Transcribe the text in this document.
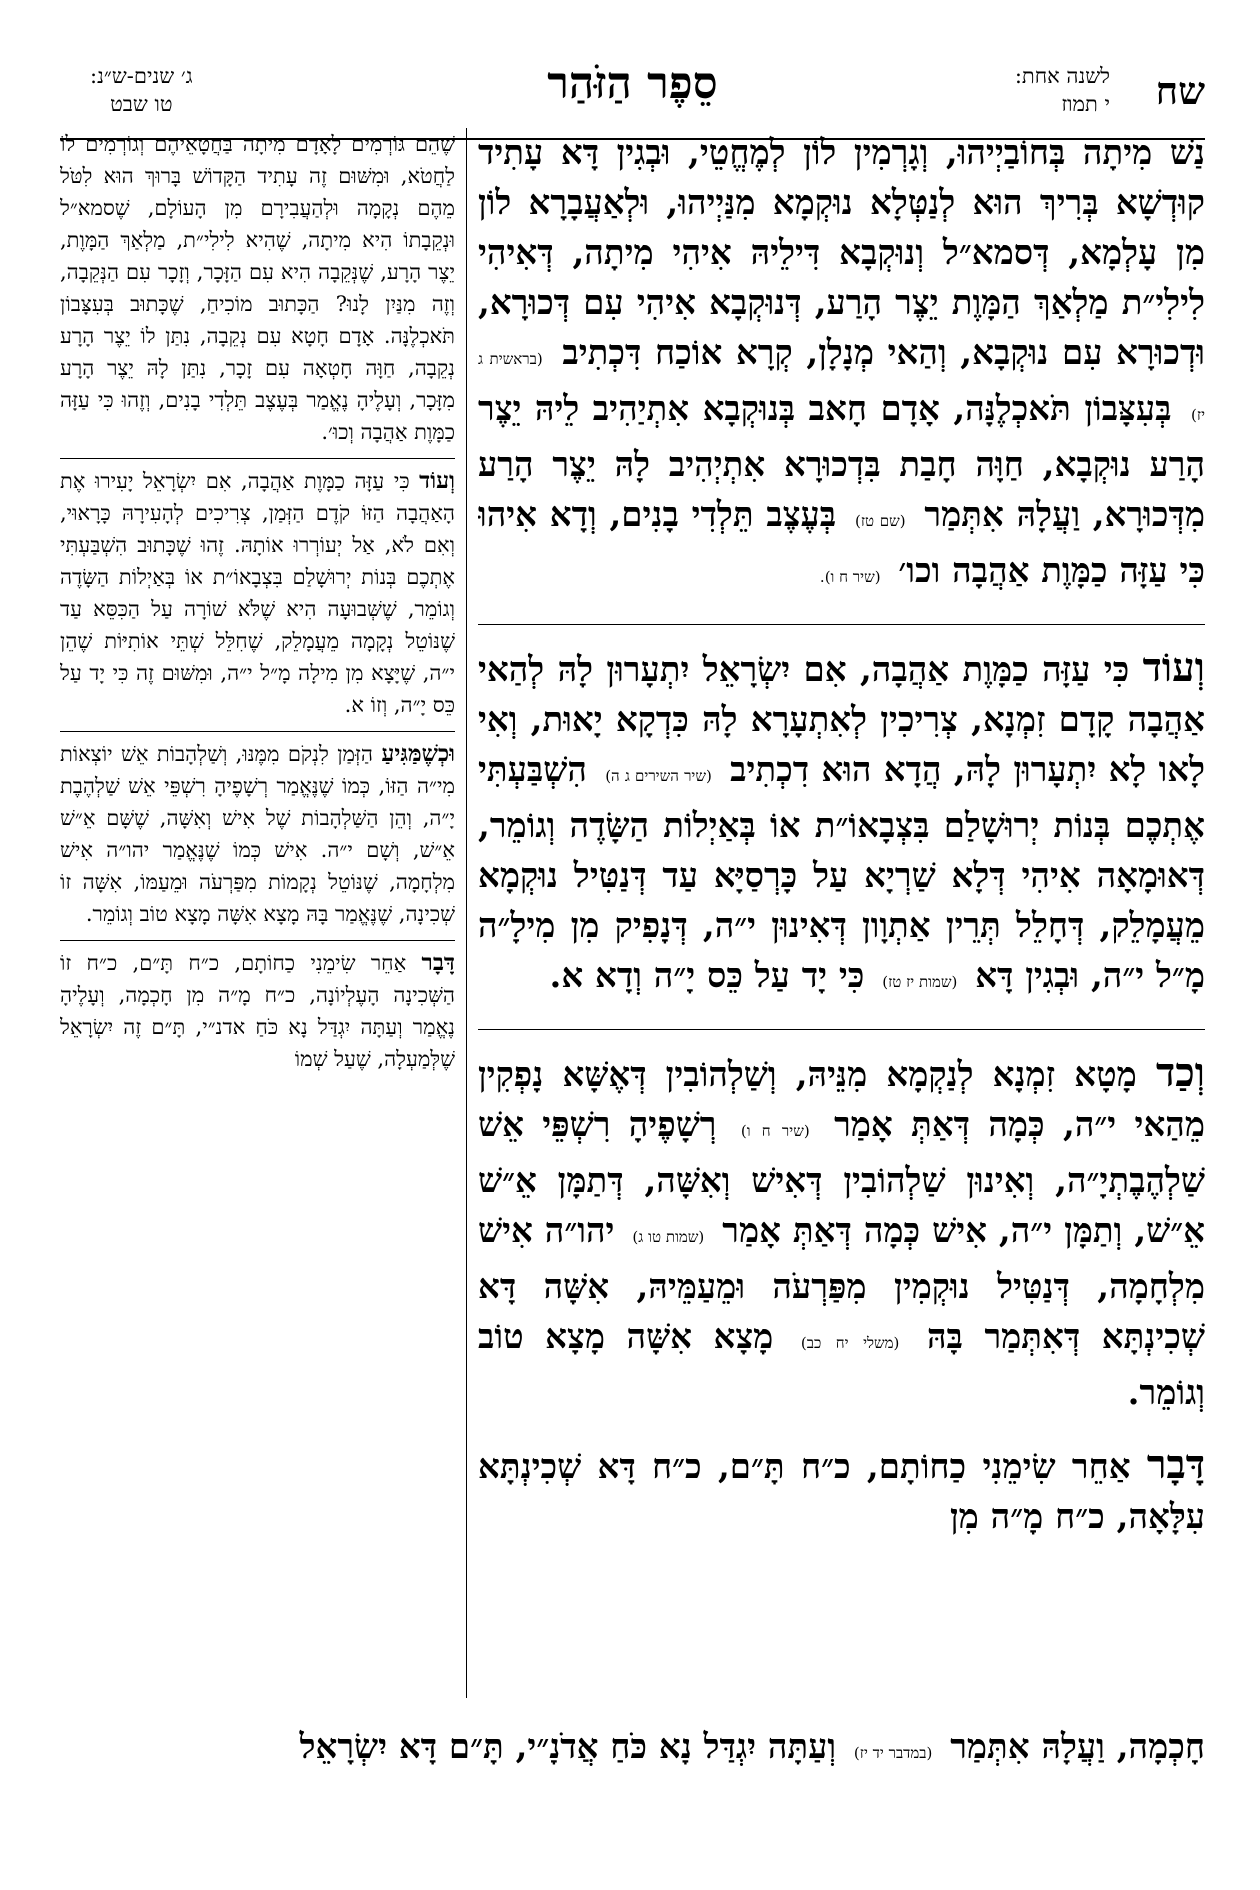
שח
לשנה אחת:
י תמוז
סֵפֶר הַזֹּהַר
ג׳ שנים-ש״נ:
טו שבט

נַשׁ מִיתָה בְּחוֹבַיְיהוּ, וְגָרְמִין לוֹן לְמֶחֱטֵי, וּבְגִין דָּא עָתִיד קוּדְשָׁא בְּרִיךְ הוּא לְנַטְּלָא נוּקְמָא מִנַּיְיהוּ, וּלְאַעֲבָרָא לוֹן מִן עָלְמָא, דְּסמא״ל וְנוּקְבָא דִּילֵיהּ אִיהִי מִיתָה, דְּאִיהִי לִילִי״ת מַלְאַךְ הַמָּוֶת יֵצֶר הָרַע, דְּנוּקְבָא אִיהִי עִם דְּכוּרָא, וּדְכוּרָא עִם נוּקְבָא, וְהַאי מְנָלָן, קְרָא אוֹכַח דִּכְתִיב (בראשית ג יז) בְּעִצָּבוֹן תֹּאכְלֶנָּה, אָדָם חָאב בְּנוּקְבָא אִתְיַהִיב לֵיהּ יֵצֶר הָרַע נוּקְבָא, חַוָּה חָבַת בִּדְכוּרָא אִתְיְהִיב לָהּ יֵצֶר הָרַע מִדְּכוּרָא, וַעֲלָהּ אִתְּמַר (שם טז) בְּעֶצֶב תֵּלְדִי בָנִים, וְדָא אִיהוּ כִּי עַזָּה כַמָּוֶת אַהֲבָה וכו׳ (שיר ח ו).

וְעוֹד כִּי עַזָּה כַמָּוֶת אַהֲבָה, אִם יִשְׂרָאֵל יִתְעָרוּן לָהּ לְהַאי אַהֲבָה קָדָם זִמְנָא, צְרִיכִין לְאִתְעָרָא לָהּ כִּדְקָא יָאוּת, וְאִי לָאו לָא יִתְעָרוּן לָהּ, הֲדָא הוּא דִכְתִיב (שיר השירים ג ה) הִשְׁבַּעְתִּי אֶתְכֶם בְּנוֹת יְרוּשָׁלַם בִּצְבָאוֹ״ת אוֹ בְּאַיְלוֹת הַשָּׂדֶה וְגוֹמֵר, דְּאוּמָאָה אִיהִי דְּלָא שַׁרְיָא עַל כָּרְסַיָּא עַד דְּנַטִּיל נוּקְמָא מֵעֲמָלֵק, דְּחָלֵל תְּרֵין אַתְוָון דְּאִינוּן י״ה, דְּנָפִיק מִן מִילָ״ה מָ״ל י״ה, וּבְגִין דָּא (שמות יז טז) כִּי יָד עַל כֵּס יָ״ה וְדָא א.

וְכַד מָטָא זִמְנָא לְנַקְמָא מִנֵּיהּ, וְשַׁלְהוֹבִין דְּאֶשָּׁא נָפְקִין מֵהַאי י״ה, כְּמָה דְּאַתְּ אָמַר (שיר ח ו) רְשָׁפֶיהָ רִשְׁפֵּי אֵשׁ שַׁלְהֶבֶתְיָ״ה, וְאִינוּן שַׁלְהוֹבִין דְּאִישׁ וְאִשָּׁה, דְּתַמָּן אֵ״שׁ אֵ״שׁ, וְתַמָּן י״ה, אִישׁ כְּמָה דְּאַתְּ אָמַר (שמות טו ג) יהו״ה אִישׁ מִלְחָמָה, דְּנַטִּיל נוּקְמִין מִפַּרְעֹה וּמֵעַמֵּיהּ, אִשָּׁה דָּא שְׁכִינְתָּא דְּאִתְּמַר בָּהּ (משלי יח כב) מָצָא אִשָּׁה מָצָא טוֹב וְגוֹמֵר.

דָּבָר אַחֵר שִׂימֵנִי כַחוֹתָם, כ״ח תָּ״ם, כ״ח דָּא שְׁכִינְתָּא עִלָּאָה, כ״ח מָ״ה מִן

שֶׁהֵם גּוֹרְמִים לָאָדָם מִיתָה בַּחֲטָאֵיהֶם וְגוֹרְמִים לוֹ לַחֲטֹא, וּמִשּׁוּם זֶה עָתִיד הַקָּדוֹשׁ בָּרוּךְ הוּא לִטֹּל מֵהֶם נְקָמָה וּלְהַעֲבִירָם מִן הָעוֹלָם, שֶׁסמא״ל וּנְקֵבָתוֹ הִיא מִיתָה, שֶׁהִיא לִילִי״ת, מַלְאַךְ הַמָּוֶת, יֵצֶר הָרָע, שֶׁנְּקֵבָה הִיא עִם הַזָּכָר, וְזָכָר עִם הַנְּקֵבָה, וְזֶה מִנַּיִן לָנוּ? הַכָּתוּב מוֹכִיחַ, שֶׁכָּתוּב בְּעִצָּבוֹן תֹּאכְלֶנָּה. אָדָם חָטָא עִם נְקֵבָה, נִתַּן לוֹ יֵצֶר הָרָע נְקֵבָה, חַוָּה חָטְאָה עִם זָכָר, נִתַּן לָהּ יֵצֶר הָרָע מִזָּכָר, וְעָלֶיהָ נֶאֱמַר בְּעֶצֶב תֵּלְדִי בָנִים, וְזֶהוּ כִּי עַזָּה כַמָּוֶת אַהֲבָה וְכוּ׳.

וְעוֹד כִּי עַזָּה כַמָּוֶת אַהֲבָה, אִם יִשְׂרָאֵל יָעִירוּ אֶת הָאַהֲבָה הַזּוֹ קֹדֶם הַזְּמַן, צְרִיכִים לְהָעִירָהּ כָּרָאוּי, וְאִם לֹא, אַל יְעוֹרְרוּ אוֹתָהּ. זֶהוּ שֶׁכָּתוּב הִשְׁבַּעְתִּי אֶתְכֶם בְּנוֹת יְרוּשָׁלַם בִּצְבָאוֹ״ת אוֹ בְּאַיְלוֹת הַשָּׂדֶה וְגוֹמֵר, שֶׁשְּׁבוּעָה הִיא שֶׁלֹּא שׁוֹרָה עַל הַכִּסֵּא עַד שֶׁנּוֹטֵל נְקָמָה מֵעֲמָלֵק, שֶׁחִלֵּל שְׁתֵּי אוֹתִיּוֹת שֶׁהֵן י״ה, שֶׁיָּצָא מִן מִילָה מָ״ל י״ה, וּמִשּׁוּם זֶה כִּי יָד עַל כֵּס יָ״ה, וְזוֹ א.

וּכְשֶׁמַּגִּיעַ הַזְּמַן לִנְקֹם מִמֶּנּוּ, וְשַׁלְהָבוֹת אֵשׁ יוֹצְאוֹת מִי״ה הַזּוֹ, כְּמוֹ שֶׁנֶּאֱמַר רְשָׁפֶיהָ רִשְׁפֵּי אֵשׁ שַׁלְהֶבֶת יָ״ה, וְהֵן הַשַּׁלְהָבוֹת שֶׁל אִישׁ וְאִשָּׁה, שֶׁשָּׁם אֵ״שׁ אֵ״שׁ, וְשָׁם י״ה. אִישׁ כְּמוֹ שֶׁנֶּאֱמַר יהו״ה אִישׁ מִלְחָמָה, שֶׁנּוֹטֵל נְקָמוֹת מִפַּרְעֹה וּמֵעַמּוֹ, אִשָּׁה זוֹ שְׁכִינָה, שֶׁנֶּאֱמַר בָּהּ מָצָא אִשָּׁה מָצָא טוֹב וְגוֹמֵר.

דָּבָר אַחֵר שִׂימֵנִי כַחוֹתָם, כ״ח תָּ״ם, כ״ח זוֹ הַשְּׁכִינָה הָעֶלְיוֹנָה, כ״ח מָ״ה מִן חָכְמָה, וְעָלֶיהָ נֶאֱמַר וְעַתָּה יִגְדַּל נָא כֹּחַ אדנ״י, תָּ״ם זֶה יִשְׂרָאֵל שֶׁלְּמַעְלָה, שֶׁעַל שְׁמוֹ

חָכְמָה, וַעֲלָהּ אִתְּמַר (במדבר יד יז) וְעַתָּה יִגְדַּל נָא כֹּחַ אֲדֹנָ״י, תָּ״ם דָּא יִשְׂרָאֵל
